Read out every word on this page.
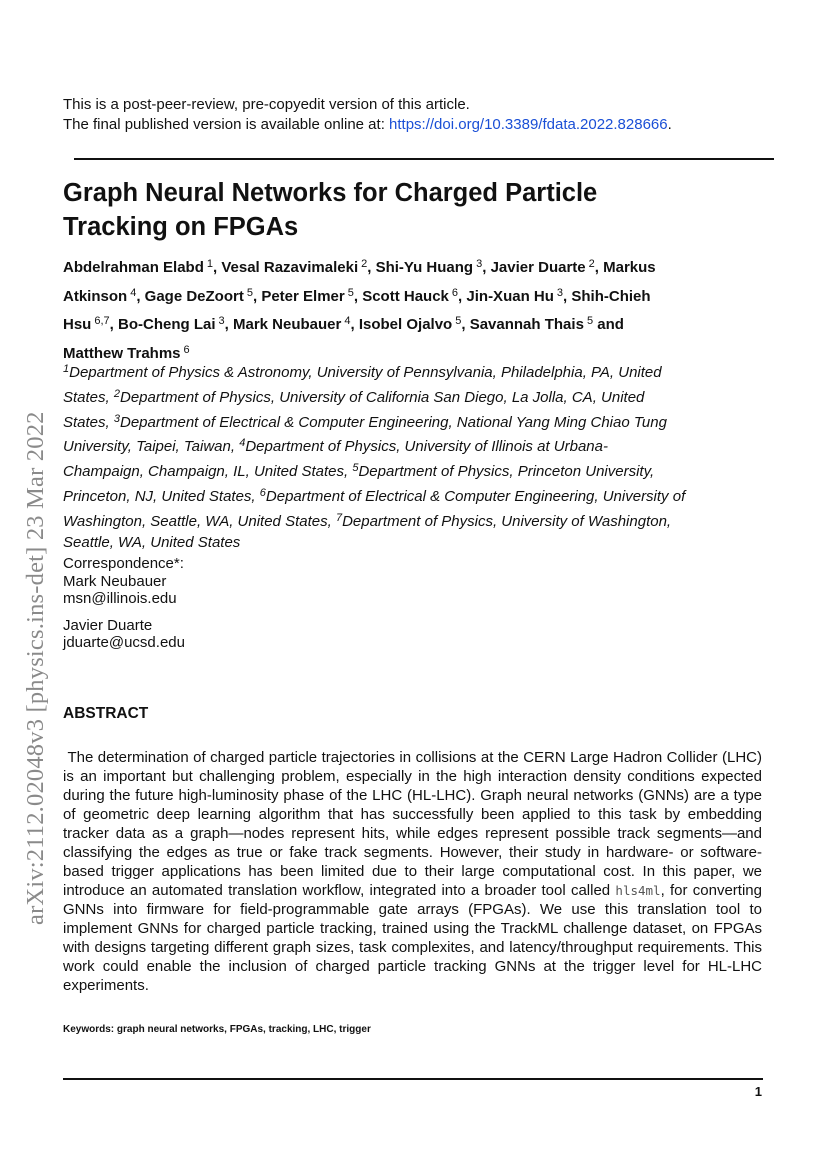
This is a post-peer-review, pre-copyedit version of this article.
The final published version is available online at: https://doi.org/10.3389/fdata.2022.828666.
Graph Neural Networks for Charged Particle
Tracking on FPGAs
Abdelrahman Elabd  $^1$, Vesal Razavimaleki  $^2$, Shi-Yu Huang  $^3$, Javier Duarte  $^2$, Markus Atkinson  $^4$, Gage DeZoort  $^5$, Peter Elmer  $^5$, Scott Hauck  $^6$, Jin-Xuan Hu  $^3$, Shih-Chieh Hsu  $^{6,7}$, Bo-Cheng Lai  $^3$, Mark Neubauer  $^4$, Isobel Ojalvo  $^5$, Savannah Thais  $^5$ and Matthew Trahms  $^6$
$^1$Department of Physics & Astronomy, University of Pennsylvania, Philadelphia, PA, United States, $^2$Department of Physics, University of California San Diego, La Jolla, CA, United States, $^3$Department of Electrical & Computer Engineering, National Yang Ming Chiao Tung University, Taipei, Taiwan, $^4$Department of Physics, University of Illinois at Urbana-Champaign, Champaign, IL, United States, $^5$Department of Physics, Princeton University, Princeton, NJ, United States, $^6$Department of Electrical & Computer Engineering, University of Washington, Seattle, WA, United States, $^7$Department of Physics, University of Washington, Seattle, WA, United States
Correspondence*:
Mark Neubauer
msn@illinois.edu
Javier Duarte
jduarte@ucsd.edu
ABSTRACT
The determination of charged particle trajectories in collisions at the CERN Large Hadron Collider (LHC) is an important but challenging problem, especially in the high interaction density conditions expected during the future high-luminosity phase of the LHC (HL-LHC). Graph neural networks (GNNs) are a type of geometric deep learning algorithm that has successfully been applied to this task by embedding tracker data as a graph—nodes represent hits, while edges represent possible track segments—and classifying the edges as true or fake track segments. However, their study in hardware- or software-based trigger applications has been limited due to their large computational cost. In this paper, we introduce an automated translation workflow, integrated into a broader tool called hls4ml, for converting GNNs into firmware for field-programmable gate arrays (FPGAs). We use this translation tool to implement GNNs for charged particle tracking, trained using the TrackML challenge dataset, on FPGAs with designs targeting different graph sizes, task complexites, and latency/throughput requirements. This work could enable the inclusion of charged particle tracking GNNs at the trigger level for HL-LHC experiments.
Keywords: graph neural networks, FPGAs, tracking, LHC, trigger
1
arXiv:2112.02048v3 [physics.ins-det] 23 Mar 2022
